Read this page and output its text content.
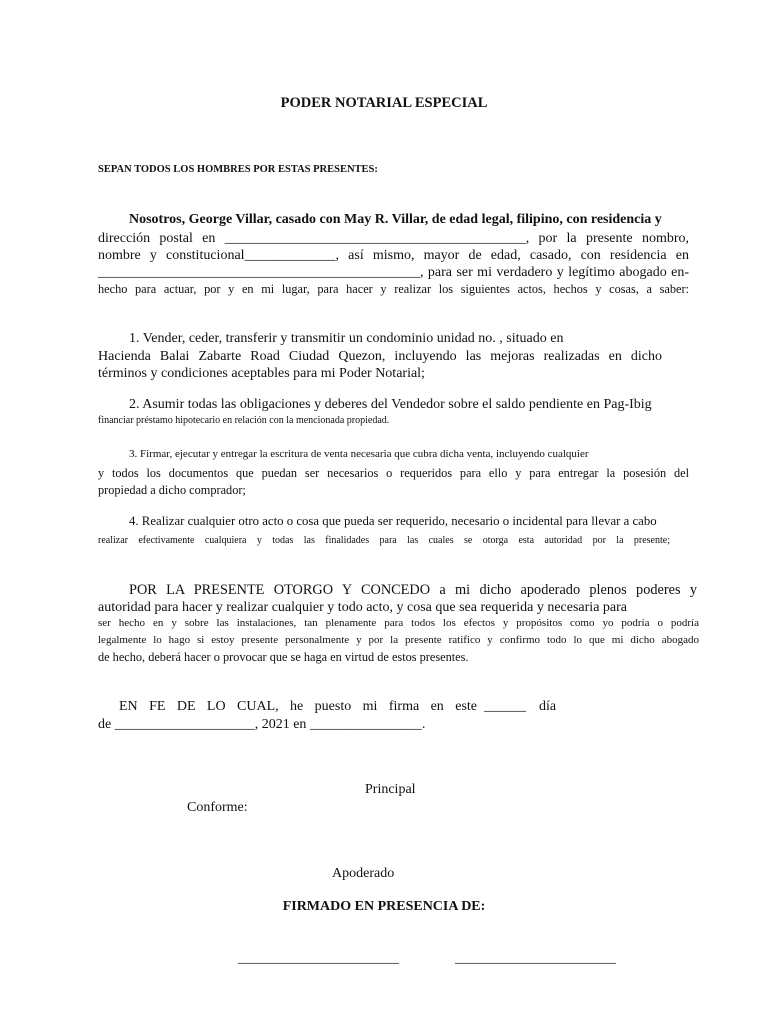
PODER NOTARIAL ESPECIAL
SEPAN TODOS LOS HOMBRES POR ESTAS PRESENTES:
Nosotros, George Villar, casado con May R. Villar, de edad legal, filipino, con residencia y
dirección postal en ___________________________________________, por la presente nombro,
nombre y constitucional_____________, así mismo, mayor de edad, casado, con residencia en
______________________________________________, para ser mi verdadero y legítimo abogado en-
hecho para actuar, por y en mi lugar, para hacer y realizar los siguientes actos, hechos y cosas, a saber:
1. Vender, ceder, transferir y transmitir un condominio unidad no. , situado en
Hacienda Balai Zabarte Road Ciudad Quezon, incluyendo las mejoras realizadas en dicho
términos y condiciones aceptables para mi Poder Notarial;
2. Asumir todas las obligaciones y deberes del Vendedor sobre el saldo pendiente en Pag-Ibig
financiar préstamo hipotecario en relación con la mencionada propiedad.
3. Firmar, ejecutar y entregar la escritura de venta necesaria que cubra dicha venta, incluyendo cualquier
y todos los documentos que puedan ser necesarios o requeridos para ello y para entregar la posesión del
propiedad a dicho comprador;
4. Realizar cualquier otro acto o cosa que pueda ser requerido, necesario o incidental para llevar a cabo
realizar efectivamente cualquiera y todas las finalidades para las cuales se otorga esta autoridad por la presente;
POR LA PRESENTE OTORGO Y CONCEDO a mi dicho apoderado plenos poderes y
autoridad para hacer y realizar cualquier y todo acto, y cosa que sea requerida y necesaria para
ser hecho en y sobre las instalaciones, tan plenamente para todos los efectos y propósitos como yo podría o podría
legalmente lo hago si estoy presente personalmente y por la presente ratifico y confirmo todo lo que mi dicho abogado
de hecho, deberá hacer o provocar que se haga en virtud de estos presentes.
EN FE DE LO CUAL, he puesto mi firma en este ______ día
de ____________________, 2021 en ________________.
Principal
Conforme:
Apoderado
FIRMADO EN PRESENCIA DE:
_______________________	_______________________
